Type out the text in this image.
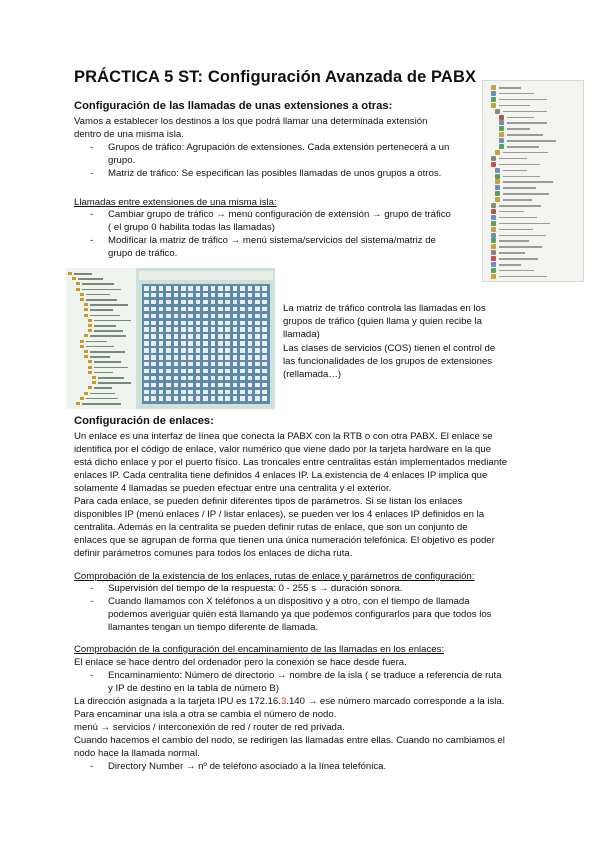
PRÁCTICA 5 ST: Configuración Avanzada de PABX
Configuración de las llamadas de unas extensiones a otras:
Vamos a establecer los destinos a los que podrá llamar una determinada extensión
dentro de una misma isla.
- Grupos de tráfico: Agrupación de extensiones. Cada extensión pertenecerá a un
grupo.
- Matriz de tráfico: Se especifican las posibles llamadas de unos grupos a otros.
Llamadas entre extensiones de una misma isla:
- Cambiar grupo de tráfico → menú configuración de extensión → grupo de tráfico
( el grupo 0 habilita todas las llamadas)
- Modificar la matriz de tráfico → menú sistema/servicios del sistema/matriz de
grupo de tráfico.
La matriz de tráfico controla las llamadas en los
grupos de tráfico (quien llama y quien recibe la
llamada)
Las clases de servicios (COS) tienen el control de
las funcionalidades de los grupos de extensiones
(rellamada…)
Configuración de enlaces:
Un enlace es una interfaz de línea que conecta la PABX con la RTB o con otra PABX. El enlace se
identifica por el código de enlace, valor numérico que viene dado por la tarjeta hardware en la que
está dicho enlace y por el puerto físico. Las troncales entre centralitas están implementados mediante
enlaces IP. Cada centralita tiene definidos 4 enlaces IP. La existencia de 4 enlaces IP implica que
solamente 4 llamadas se pueden efectuar entre una centralita y el exterior.
Para cada enlace, se pueden definir diferentes tipos de parámetros. Si se listan los enlaces
disponibles IP (menú enlaces / IP / listar enlaces), se pueden ver los 4 enlaces IP definidos en la
centralita. Además en la centralita se pueden definir rutas de enlace, que son un conjunto de
enlaces que se agrupan de forma que tienen una única numeración telefónica. El objetivo es poder
definir parámetros comunes para todos los enlaces de dicha ruta.
Comprobación de la existencia de los enlaces, rutas de enlace y parámetros de configuración:
- Supervisión del tiempo de la respuesta: 0 - 255 s → duración sonora.
- Cuando llamamos con X teléfonos a un dispositivo y a otro, con el tiempo de llamada
podemos averiguar quién está llamando ya que podemos configurarlos para que todos los
llamantes tengan un tiempo diferente de llamada.
Comprobación de la configuración del encaminamiento de las llamadas en los enlaces:
El enlace se hace dentro del ordenador pero la conexión se hace desde fuera.
- Encaminamiento: Número de directorio → nombre de la isla ( se traduce a referencia de ruta
y IP de destino en la tabla de número B)
La dirección asignada a la tarjeta IPU es 172.16.3.140 → ese número marcado corresponde a la isla.
Para encaminar una isla a otra se cambia el número de nodo.
menú → servicios / interconexión de red / router de red privada.
Cuando hacemos el cambio del nodo, se redirigen las llamadas entre ellas. Cuando no cambiamos el
nodo hace la llamada normal.
- Directory Number → nº de teléfono asociado a la línea telefónica.
